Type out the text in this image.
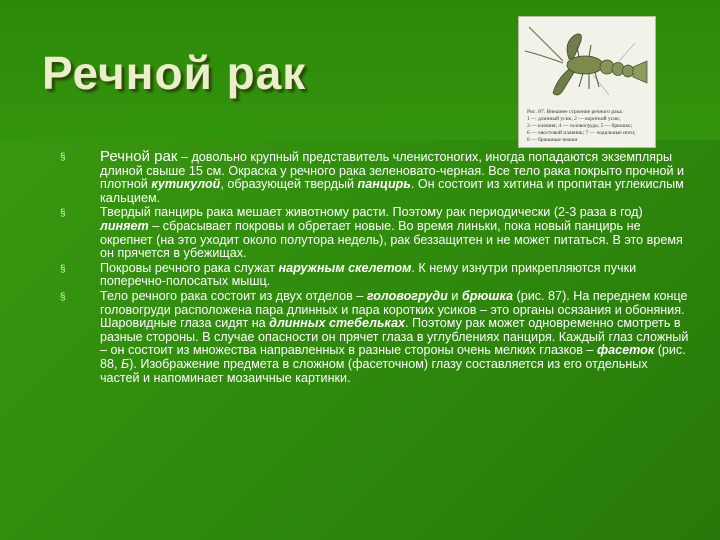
Речной рак
Рис. 87. Внешнее строение речного рака:
1 — длинный усик; 2 — короткий усик;
3 — клешня; 4 — головогрудь; 5 — брюшко;
6 — хвостовой плавник; 7 — ходильные ноги;
8 — брюшные ножки
§ Речной рак – довольно крупный представитель членистоногих, иногда попадаются экземпляры длиной свыше 15 см. Окраска у речного рака зеленовато-черная. Все тело рака покрыто прочной и плотной кутикулой, образующей твердый панцирь. Он состоит из хитина и пропитан углекислым кальцием.
§	Твердый панцирь рака мешает животному расти. Поэтому рак периодически (2-3 раза в год) линяет – сбрасывает покровы и обретает новые. Во время линьки, пока новый панцирь не окрепнет (на это уходит около полутора недель), рак беззащитен и не может питаться. В это время он прячется в убежищах.
§	Покровы речного рака служат наружным скелетом. К нему изнутри прикрепляются пучки поперечно-полосатых мышц.
§	Тело речного рака состоит из двух отделов – головогруди и брюшка (рис. 87). На переднем конце головогруди расположена пара длинных и пара коротких усиков – это органы осязания и обоняния. Шаровидные глаза сидят на длинных стебельках. Поэтому рак может одновременно смотреть в разные стороны. В случае опасности он прячет глаза в углублениях панциря. Каждый глаз сложный – он состоит из множества направленных в разные стороны очень мелких глазков – фасеток (рис. 88, Б). Изображение предмета в сложном (фасеточном) глазу составляется из его отдельных частей и напоминает мозаичные картинки.
